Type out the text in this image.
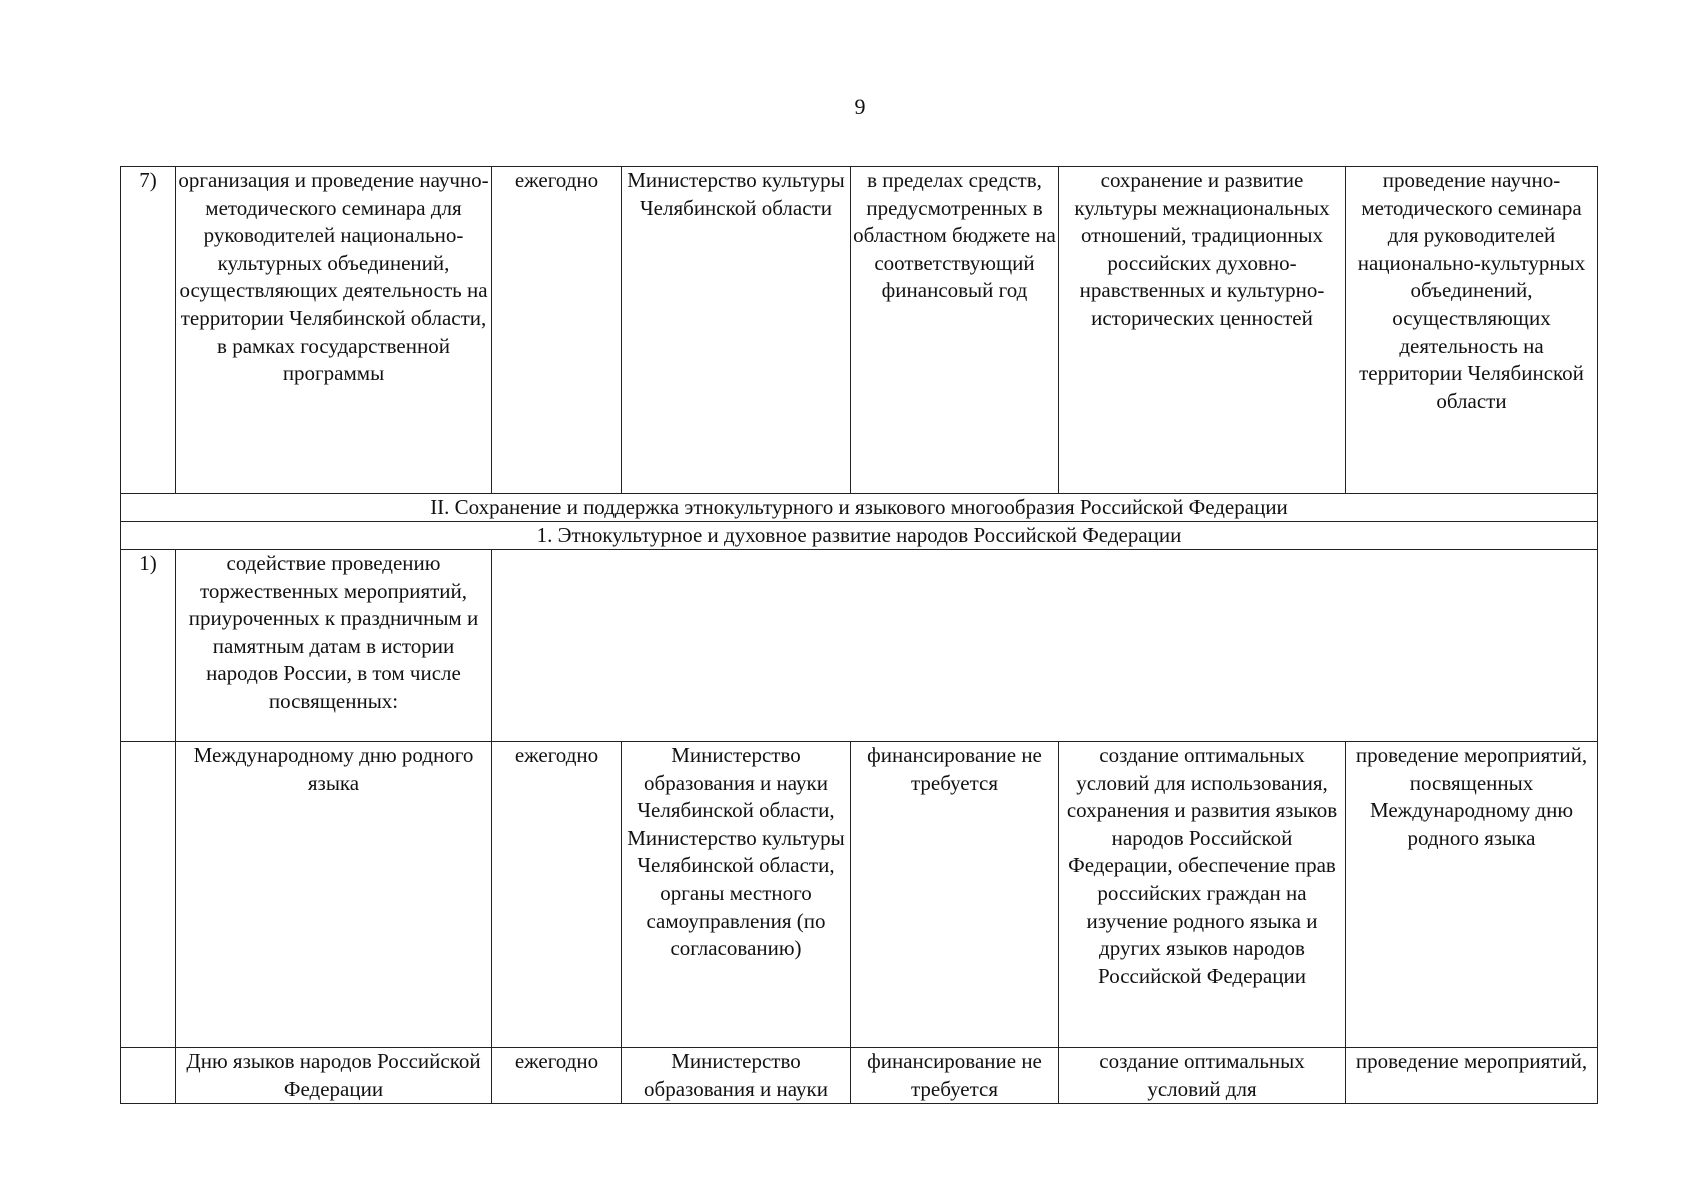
9
7)	организация и проведение научно-методического семинара для руководителей национально-культурных объединений, осуществляющих деятельность на территории Челябинской области, в рамках государственной программы	ежегодно	Министерство культуры Челябинской области	в пределах средств, предусмотренных в областном бюджете на соответствующий финансовый год	сохранение и развитие культуры межнациональных отношений, традиционных российских духовно-нравственных и культурно-исторических ценностей	проведение научно-методического семинара для руководителей национально-культурных объединений, осуществляющих деятельность на территории Челябинской области
II. Сохранение и поддержка этнокультурного и языкового многообразия Российской Федерации						
1. Этнокультурное и духовное развитие народов Российской Федерации						
1)	содействие проведению торжественных мероприятий, приуроченных к праздничным и памятным датам в истории народов России, в том числе посвященных:					
	Международному дню родного языка	ежегодно	Министерство образования и науки Челябинской области, Министерство культуры Челябинской области, органы местного самоуправления (по согласованию)	финансирование не требуется	создание оптимальных условий для использования, сохранения и развития языков народов Российской Федерации, обеспечение прав российских граждан на изучение родного языка и других языков народов Российской Федерации	проведение мероприятий, посвященных Международному дню родного языка
	Дню языков народов Российской Федерации	ежегодно	Министерство образования и науки	финансирование не требуется	создание оптимальных условий для	проведение мероприятий,
